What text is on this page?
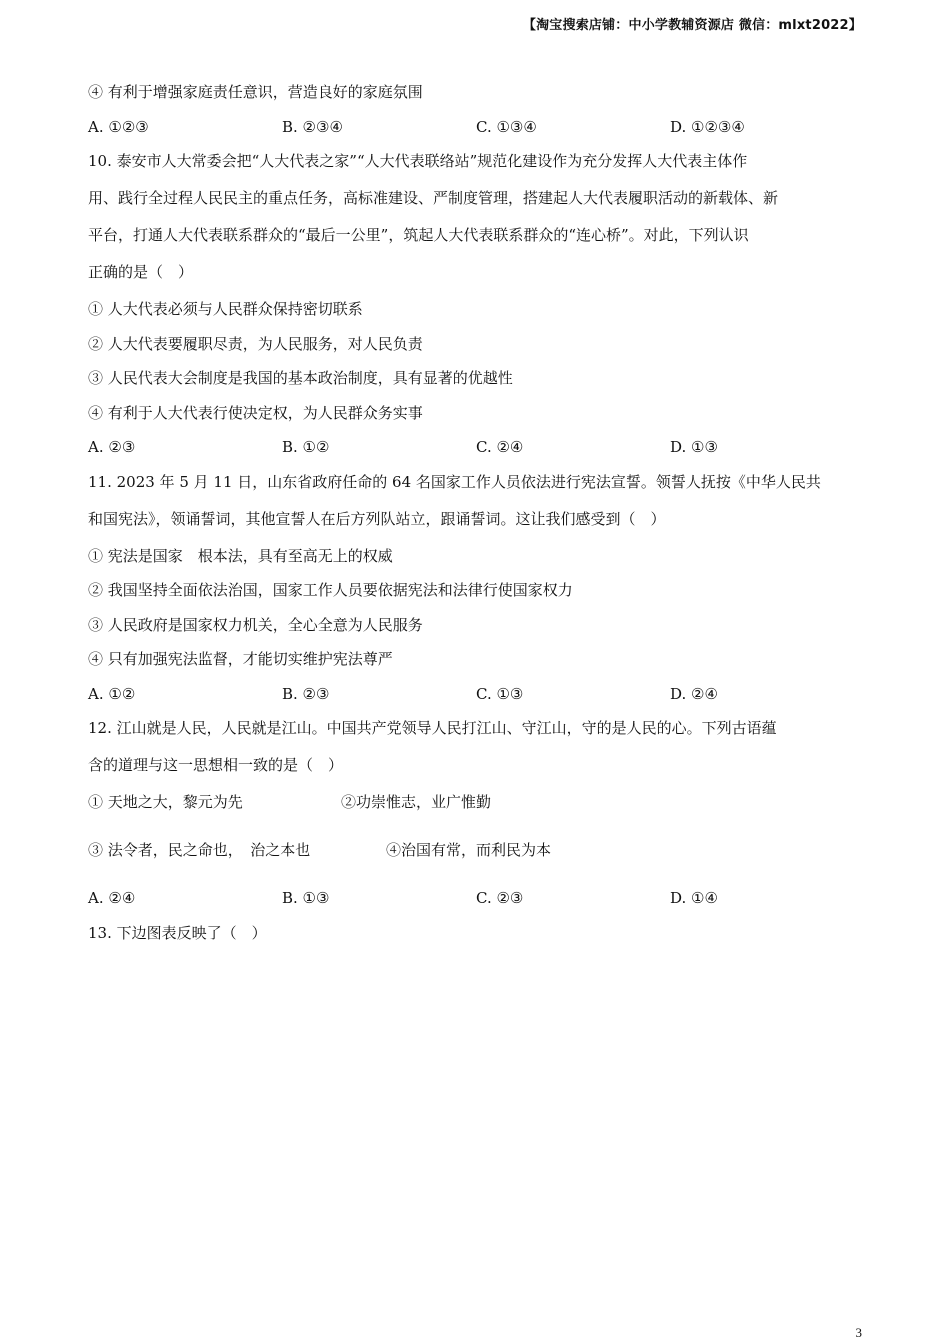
【淘宝搜索店铺：中小学教辅资源店 微信：mlxt2022】
④ 有利于增强家庭责任意识，营造良好的家庭氛围
A. ①②③	B. ②③④	C. ①③④	D. ①②③④
10. 泰安市人大常委会把“人大代表之家”“人大代表联络站”规范化建设作为充分发挥人大代表主体作
用、践行全过程人民民主的重点任务，高标准建设、严制度管理，搭建起人大代表履职活动的新载体、新
平台，打通人大代表联系群众的“最后一公里”，筑起人大代表联系群众的“连心桥”。对此，下列认识
正确的是（　）
① 人大代表必须与人民群众保持密切联系
② 人大代表要履职尽责，为人民服务，对人民负责
③ 人民代表大会制度是我国的基本政治制度，具有显著的优越性
④ 有利于人大代表行使决定权，为人民群众务实事
A. ②③	B. ①②	C. ②④	D. ①③
11. 2023 年 5 月 11 日，山东省政府任命的 64 名国家工作人员依法进行宪法宣誓。领誓人抚按《中华人民共
和国宪法》，领诵誓词，其他宣誓人在后方列队站立，跟诵誓词。这让我们感受到（　）
① 宪法是国家　根本法，具有至高无上的权威
② 我国坚持全面依法治国，国家工作人员要依据宪法和法律行使国家权力
③ 人民政府是国家权力机关，全心全意为人民服务
④ 只有加强宪法监督，才能切实维护宪法尊严
A. ①②	B. ②③	C. ①③	D. ②④
12. 江山就是人民，人民就是江山。中国共产党领导人民打江山、守江山，守的是人民的心。下列古语蕴
含的道理与这一思想相一致的是（　）
① 天地之大，黎元为先	②功崇惟志，业广惟勤
③ 法令者，民之命也，　治之本也	④治国有常，而利民为本
A. ②④	B. ①③	C. ②③	D. ①④
13. 下边图表反映了（　）
3
